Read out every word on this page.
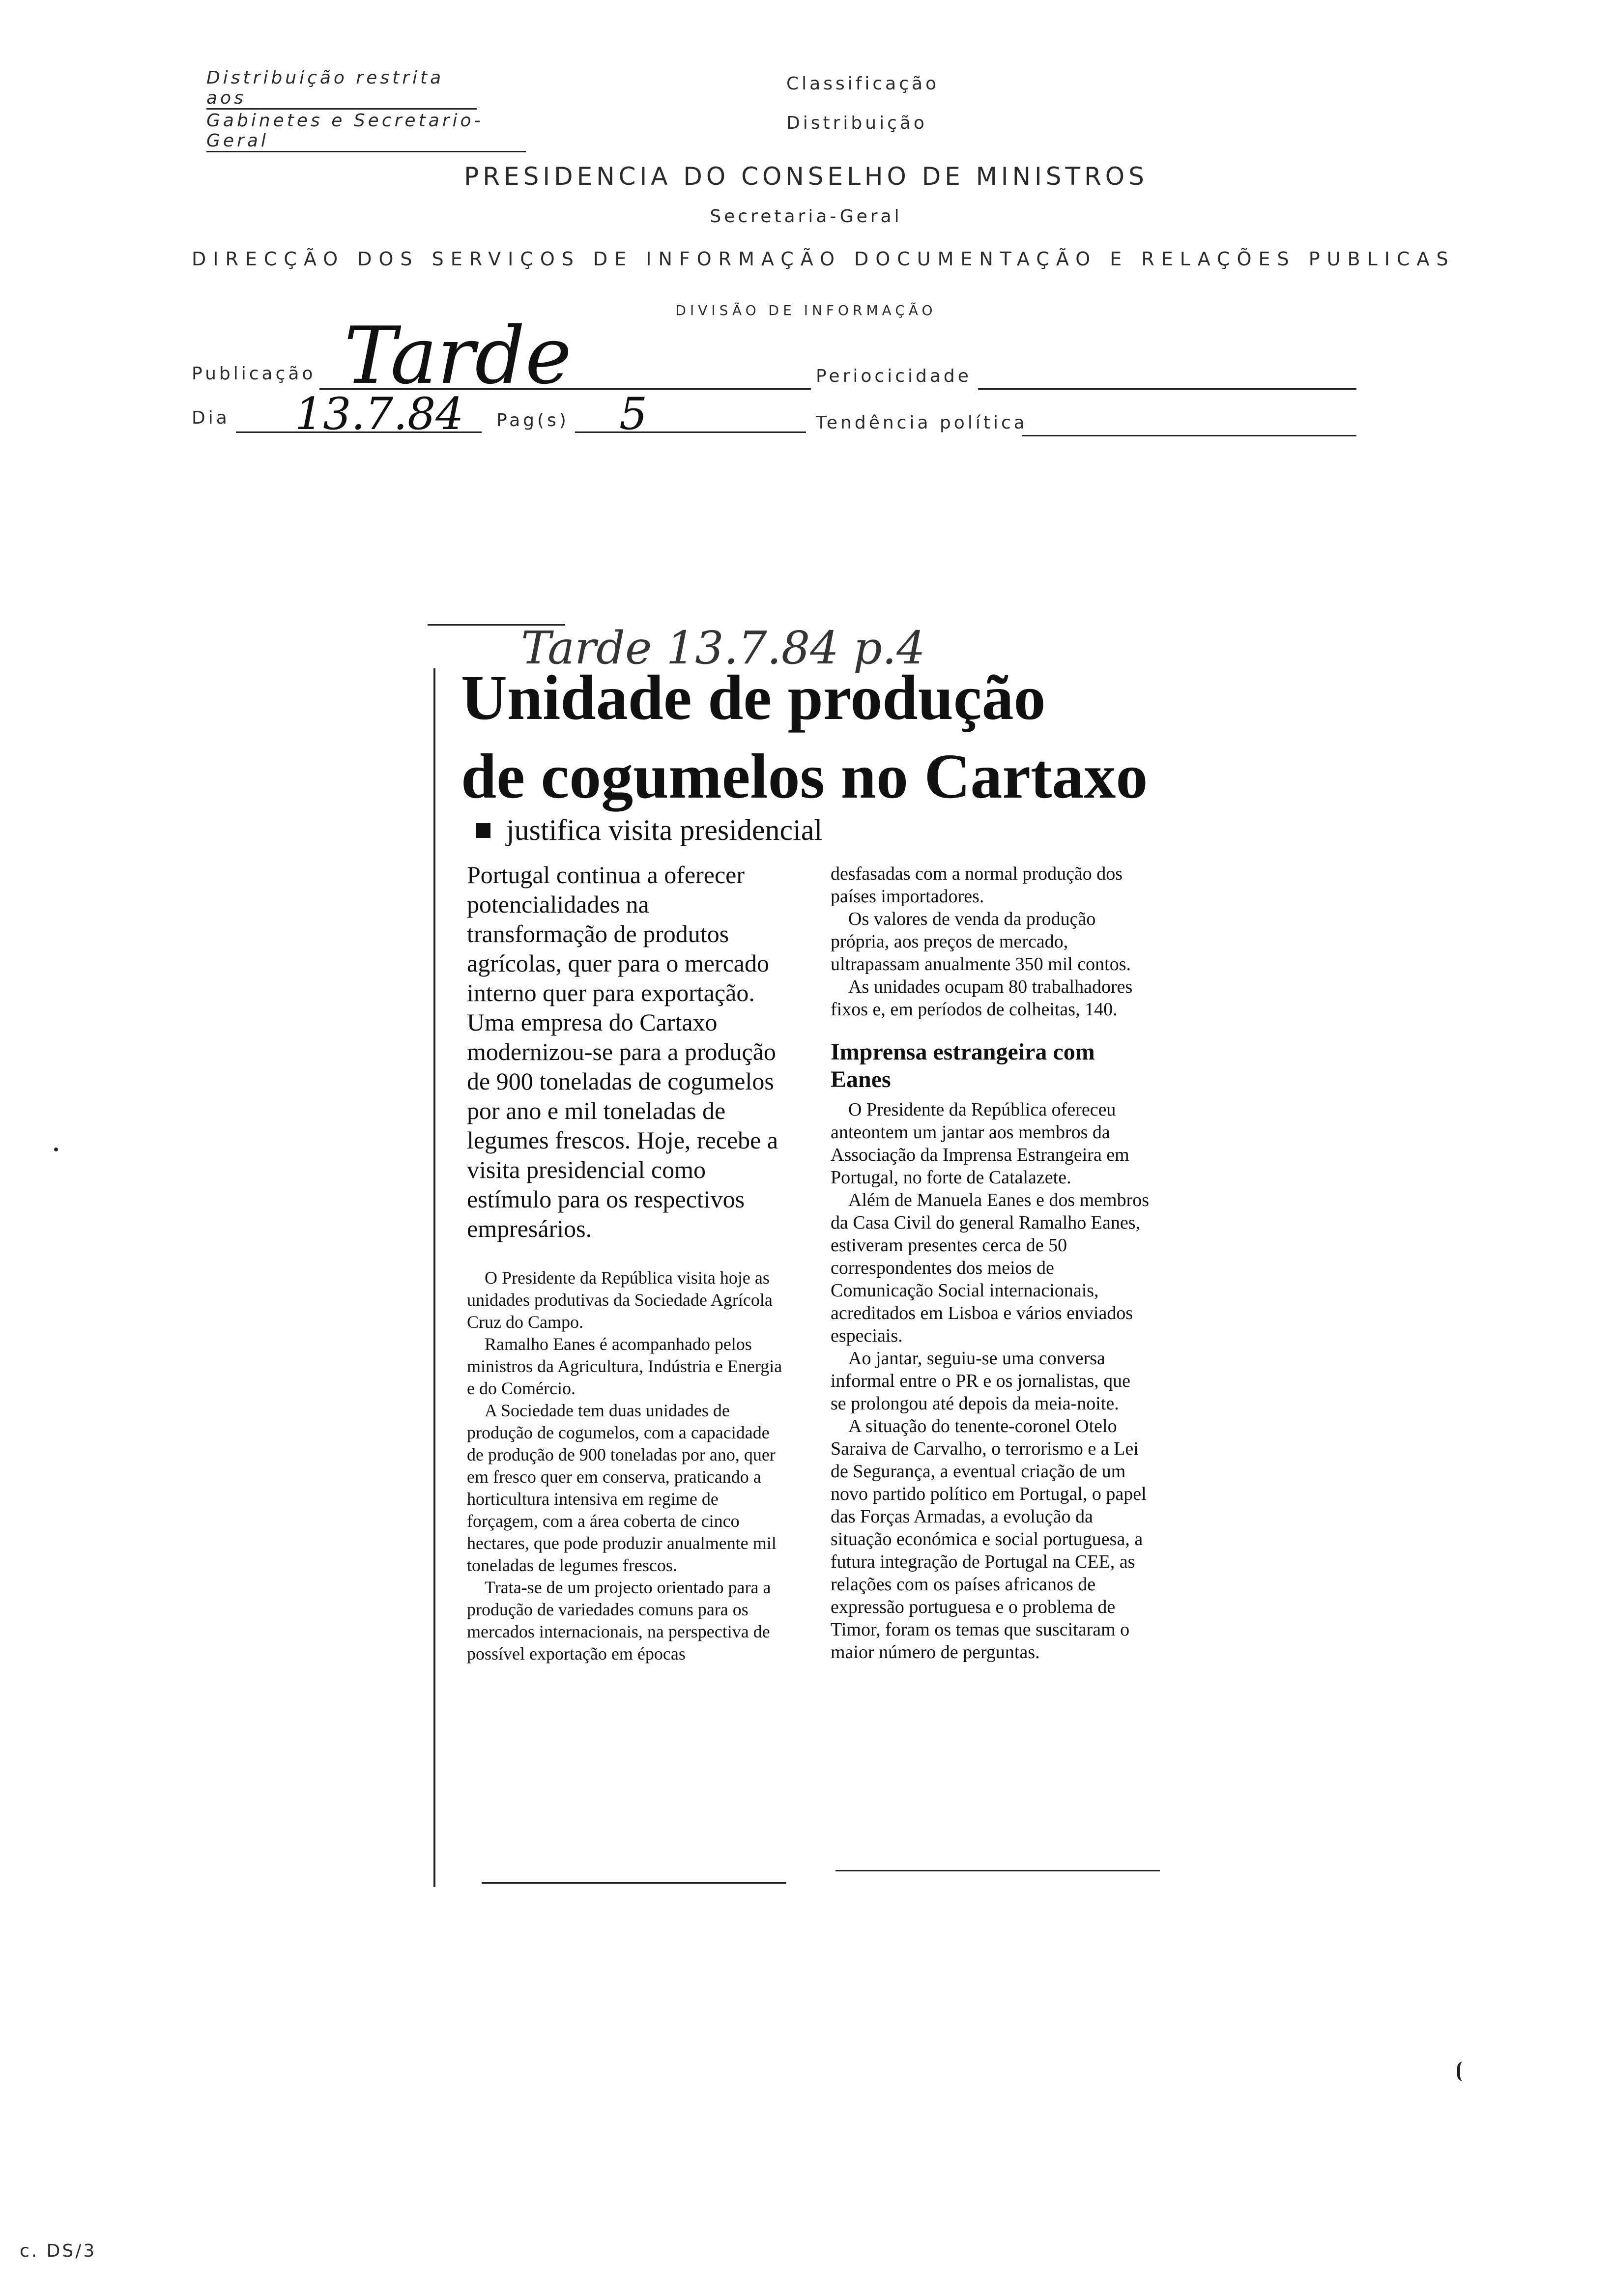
Distribuição restrita aos
Gabinetes e Secretario-Geral
Classificação
Distribuição
PRESIDENCIA DO CONSELHO DE MINISTROS
Secretaria-Geral
DIRECÇÃO DOS SERVIÇOS DE INFORMAÇÃO DOCUMENTAÇÃO E RELAÇÕES PUBLICAS
DIVISÃO DE INFORMAÇÃO
Publicação Tarde	Periocicidade
Dia 13.7.84 Pag(s) 5	Tendência política
Tarde 13.7.84 p.4
Unidade de produção
de cogumelos no Cartaxo
justifica visita presidencial

Portugal continua a oferecer potencialidades na transformação de produtos agrícolas, quer para o mercado interno quer para exportação. Uma empresa do Cartaxo modernizou-se para a produção de 900 toneladas de cogumelos por ano e mil toneladas de legumes frescos. Hoje, recebe a visita presidencial como estímulo para os respectivos empresários.

O Presidente da República visita hoje as unidades produtivas da Sociedade Agrícola Cruz do Campo.

Ramalho Eanes é acompanhado pelos ministros da Agricultura, Indústria e Energia e do Comércio.

A Sociedade tem duas unidades de produção de cogumelos, com a capacidade de produção de 900 toneladas por ano, quer em fresco quer em conserva, praticando a horticultura intensiva em regime de forçagem, com a área coberta de cinco hectares, que pode produzir anualmente mil toneladas de legumes frescos.

Trata-se de um projecto orientado para a produção de variedades comuns para os mercados internacionais, na perspectiva de possível exportação em épocas

desfasadas com a normal produção dos países importadores.

Os valores de venda da produção própria, aos preços de mercado, ultrapassam anualmente 350 mil contos.

As unidades ocupam 80 trabalhadores fixos e, em períodos de colheitas, 140.

Imprensa estrangeira com Eanes

O Presidente da República ofereceu anteontem um jantar aos membros da Associação da Imprensa Estrangeira em Portugal, no forte de Catalazete.

Além de Manuela Eanes e dos membros da Casa Civil do general Ramalho Eanes, estiveram presentes cerca de 50 correspondentes dos meios de Comunicação Social internacionais, acreditados em Lisboa e vários enviados especiais.

Ao jantar, seguiu-se uma conversa informal entre o PR e os jornalistas, que se prolongou até depois da meia-noite.

A situação do tenente-coronel Otelo Saraiva de Carvalho, o terrorismo e a Lei de Segurança, a eventual criação de um novo partido político em Portugal, o papel das Forças Armadas, a evolução da situação económica e social portuguesa, a futura integração de Portugal na CEE, as relações com os países africanos de expressão portuguesa e o problema de Timor, foram os temas que suscitaram o maior número de perguntas.

c. DS/3
